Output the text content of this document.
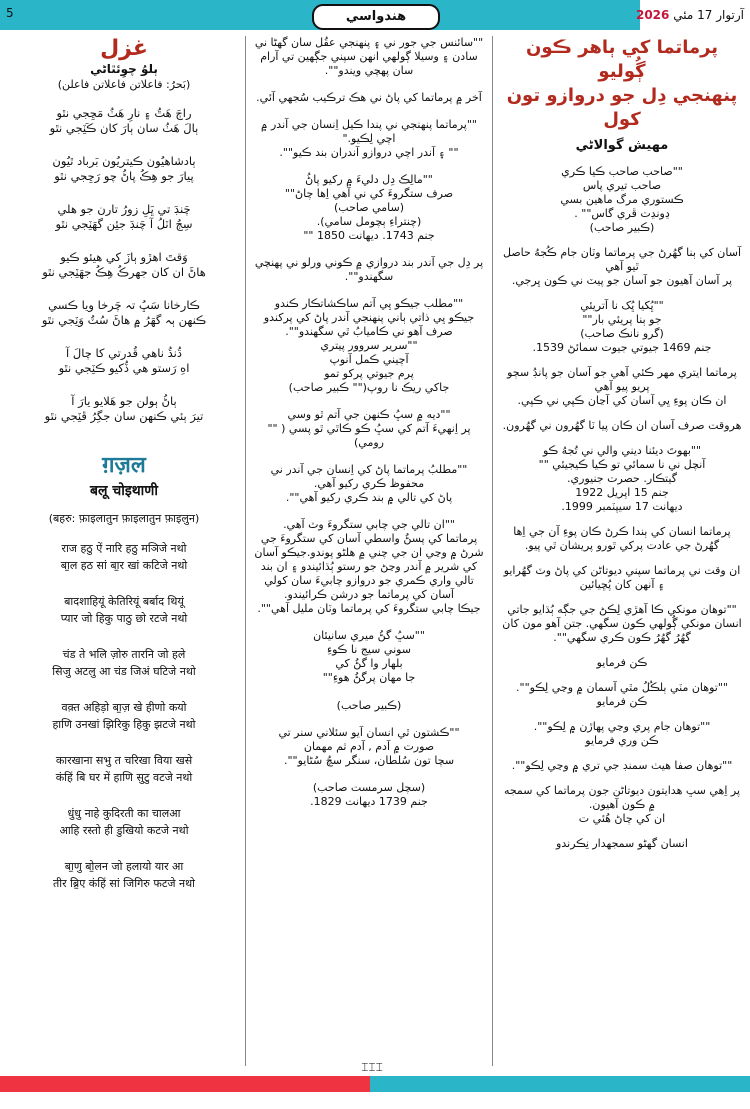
5	هندواسي	آرتوار 17 مئي 2026
پرماتما کي ٻاهر ڪون ڳُوليو
پنهنجي دِل جو دروازو تون کول
مهيش گوالاڻي

""صاحب صاحب ڪيا ڪري
صاحب تيري پاس
ڪستوري مرگ ماهين بسي
ڍونڍت ڦري گاس"" .
(ڪبير صاحب)

آسان کي ٻنا گهُرڻ جي پرماتما وٽان جام ڪُجهُ حاصل ٿيو آهي
پر آسان آهيون جو آسان جو پيٽ ني ڪون ڀرجي.

""ڀُکيا ڀُک نا آتريئي
جو ٻنا پريئي بار""
(گرو نانڪ صاحب)
جنم 1469 جيوتي جيوت سمائڻ 1539.

پرماتما ايتري مهر ڪئي آهي جو آسان جو پانڊُ سڄو پريو پيو آهي
ان ڪان پوءِ ڀي آسان کي آڃان ڪپي ني ڪپي.

هروقت صرف آسان ان ڪان پيا ٽا گهُرون ني گهُرون.

""بهوتَ ديئنا ديني والي ني تُجهُ ڪو
آنچل ني نا سمائي تو ڪيا ڪيجيئي ""
گيتڪار. حصرت جنيوري.
جنم 15 اپريل 1922
ديهانت 17 سيپٽمبر 1999.

پرماتما انسان کي ٻندا ڪرڻ ڪان پوءِ آن جي اِها گهُرڻ جي عادت پرکي ٿورو پريشان ٿي پيو.

ان وقت ني پرماتما سپني ديوتاڻن کي پاڻ وٽ گهُرايو ۽ آنهن کان پُڇيائين

""توهان مونکي ڪا آهڙي لِڪڻ جي جڳه ٻُڌايو جاتي انسان مونکي ڳُولهي ڪون سگهي. جتن آهو مون کان گهُرُ گهُرُ ڪون ڪري سگهي"".

ڪن فرمايو

""توهان مٽي ٻلڪُلُ مٿي آسمان ۾ وڃي لِڪو"".
ڪن فرمايو

""توهان جام پري وڃي پهاڙن ۾ لِڪو"".
ڪن وري فرمايو

""توهان صفا هيٺ سمنڊ جي تري ۾ وڃي لِڪو"".

پر اِهي سڀ هدايتون ديوتاڻن جون پرماتما کي سمجه ۾ ڪون آهيون.
ان کي چاڻ هُئي ت

انسان گهڻو سمجهدار نِڪرندو

""سائنس جي جور ني ۽ پنهنجي عقُل سان گهڻا ني سادن ۽ وسيلا ڳولهي انهن سپني جڳهين تي آرام سان پهچي ويندو"".

آخر ۾ پرماتما کي پاڻ ني هڪ ترڪيب سُجهي آئي.

""پرماتما پنهنجي ني پندا ڪيل اِنسان جي آندر ۾ اچي لِڪيو."
"" ۽ آندر اچي دروازو آندران بند ڪيو"".

""مالِڪ دِل دليءَ ۾ رکيو پاڻُ
صرف ستگروءَ کي ني آهي اِها چاڻ""
(سامي صاحب)
(چنتراءِ ٻچومل سامي).
جنم 1743. ديهانت 1850 ""

پر دِل جي آندر بند دروازي ۾ ڪوني ورلو ني پهنچي سگهندو"".

""مطلب جيڪو ڀي آتم ساڪشاتڪار ڪندو
جيڪو ڀي ذاتي ٻاني پنهنجي آندر پاڻ کي پرکندو
صرف آهو ني ڪاميابُ ٿي سگهندو"".
""سرير سروور پيتري
آچيني ڪمل آنوپ
پرم جيوتي پرکو تمو
جاکي ريڪ نا روپ("" ڪبير صاحب)

""ديه ۾ سڀُ ڪنهن جي آتم ٿو وسي
پر اِنهيءَ آتم کي سڀُ ڪو ڪاٿي ٿو پسي ( ""
رومي)

""مطلبُ پرماتما پاڻ کي اِنسان جي آندر ني محفوظ ڪري رکيو آهي.
پاڻ کي تالي ۾ بند ڪري رکيو آهي"".

""ان تالي جي چابي ستگروءَ وٽ آهي.
پرماتما کي پسڻُ واسطي آسان کي ستگروءَ جي شرڻ ۾ وڃي ان جي چني ۾ هلڻو پوندو.جيڪو آسان کي شرير ۾ آندر وڃڻ جو رستو ٻُڌائيندو ۽ ان بند تالي واري ڪمري جو دروازو چابيءَ سان کولي آسان کي پرماتما جو درشن ڪرائيندو.
جيڪا چابي ستگروءَ کي پرماتما وٽان مليل آهي"".

""سڀُ گڻُ ميري سانيئان
سوني سيج نا ڪوءِ
بلهار وا گڻُ کي
جا مهان پرگڻُ هوءِ""

(ڪبير صاحب)

""ڪشتون ٿي انسان آيو سئلاني سنر تي
صورت ۾ آدم , آدم ثم مهمان
سچا تون سُلطان، سنگر سچُ سُڻايو"".

(سچل سرمست صاحب)
جنم 1739 ديهانت 1829.

غزل
ٻلوُ چوِئٿاڻي
(بَحرُ: فاعلاتن فاعلاتن فاعلن)

راڄَ هَٿُ ۽ نارِ هَٺُ مَڃِجي نٿو
ٻالَ هَٺُ سان ٻارَ کان ڪَٽِجي نٿو

ٻادشاهيُون ڪيتريُون بَرباد ٿيُون
پيارَ جو هِڪُ پاڻُ چو رَڃِجي نٿو

چَنڊَ تي ڀَلِ زورُ تارن جو هلي
سِڄُ اٽلُ آ چَنڊَ جئِن گهَٽِجي نٿو

وَقتَ اهڙو ٻازَ کي هيئو ڪيو
هاڻَ ان کان جهرڪُ هِڪُ جهَٽِجي نٿو

ڪارخانا سَڀُ تہ چَرخا ويا ڪسي
ڪنهن ٻہ گهَرُ ۾ هاڻَ سُٽُ وَٽِجي نٿو

ڌُنڌُ ناهي قُدرتي کا چالَ آ
اهِ رَستو هي ڏُکيو ڪٽِجي نٿو

ٻاڻُ ٻولن جو هَلايو يارَ آ
تيرَ ٻئي ڪنهن سان جگِرُ ڦٽِجي نٿو

ग़ज़ल
बलू चोइथाणी
(बहरु: फ़ाइलातुन फ़ाइलातुन फ़ाइलुन)

राज हठु ऐं नारि हठु मञिजे नथो
बा॒ल हठ सां बा॒र खां कटिजे नथो

बादशाहियूं केतिरियूं बर्बाद थियूं
प्यार जो हिकु पाठु छो रटजे नथो

चंड ते भलि ज़ोरु तारनि जो हले
सिजु अटलु आ चंड जिअं घटिजे नथो

वक़्त अहिड़ो बा॒ज़ खे हीणो कयो
हाणि उनखां झिरिकु हिकु झटजे नथो

कारखाना सभु त चरिखा विया खसे
कंहिं बि घर में हाणि सुटु वटजे नथो

धुंधु नाहे कुदिरती का चालआ
आहि रस्तो ही डुखियो कटजे नथो

बा॒णु बो॒लन जो हलायो यार आ
तीर ब्रि॒ए कंहिं सां जिगिरु फटजे नथो

⌶⌶⌶
